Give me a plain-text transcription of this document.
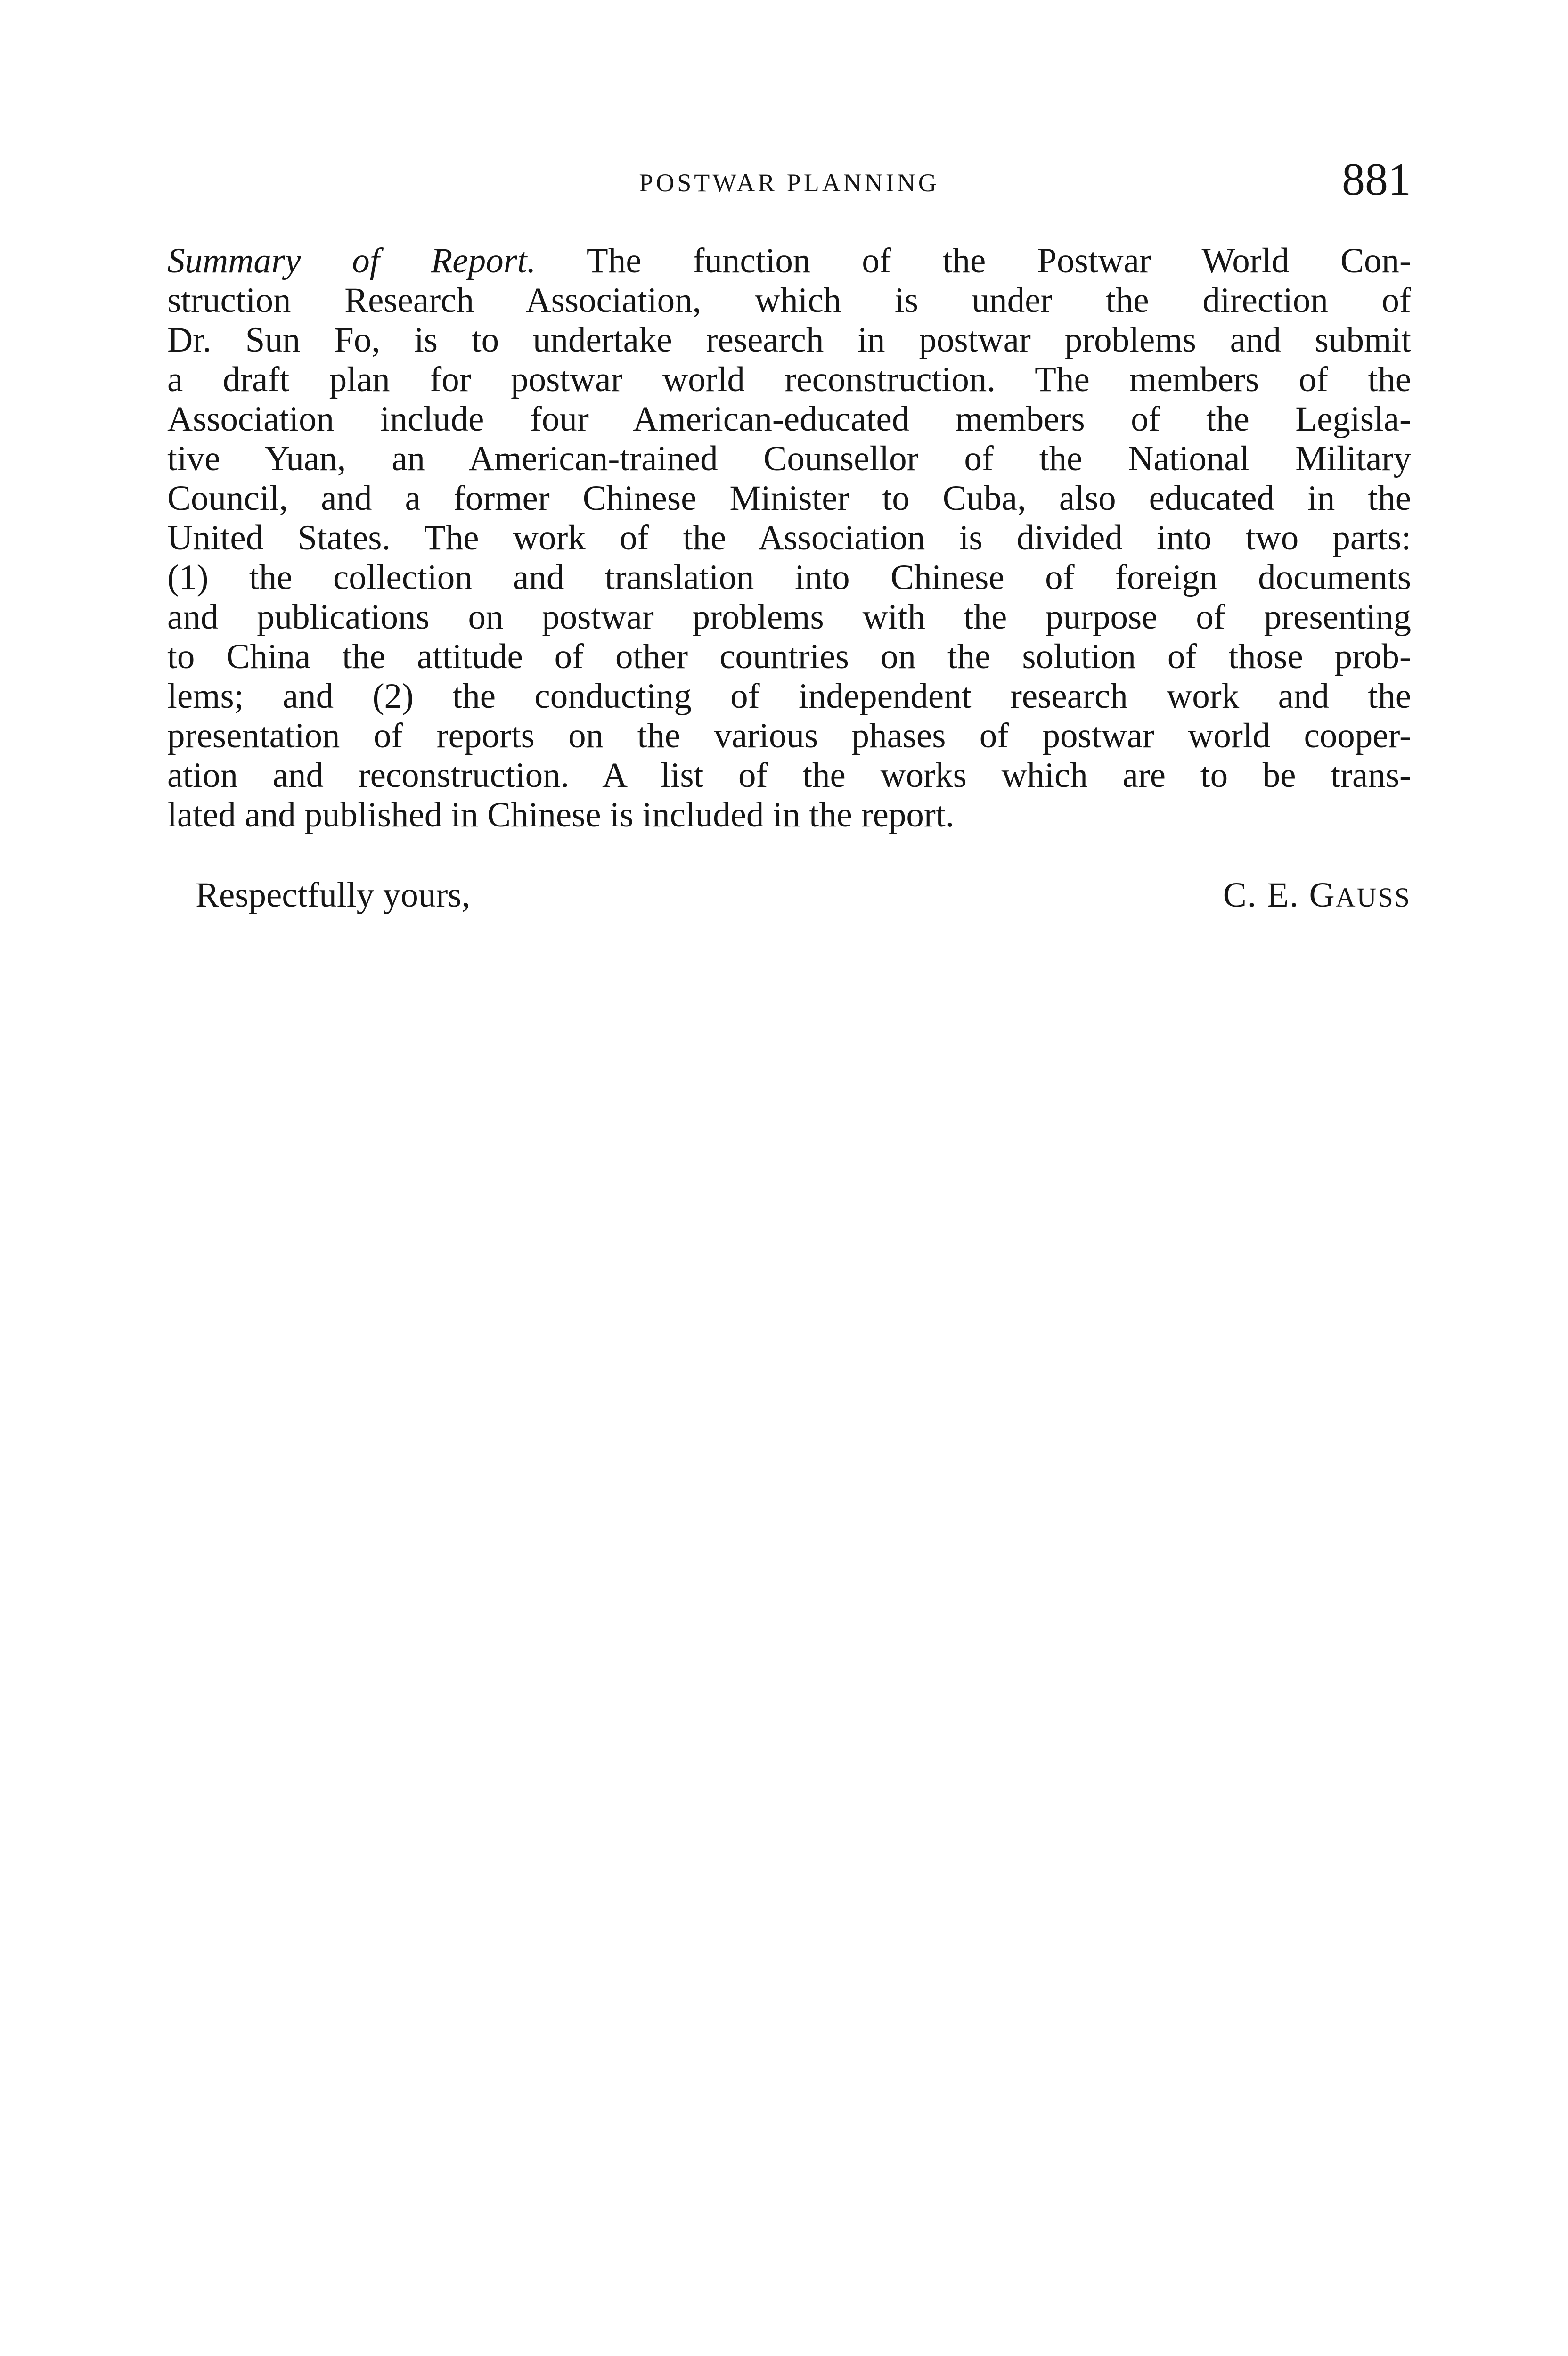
POSTWAR PLANNING	881
Summary of Report. The function of the Postwar World Con-
struction Research Association, which is under the direction of
Dr. Sun Fo, is to undertake research in postwar problems and submit
a draft plan for postwar world reconstruction. The members of the
Association include four American-educated members of the Legisla-
tive Yuan, an American-trained Counsellor of the National Military
Council, and a former Chinese Minister to Cuba, also educated in the
United States. The work of the Association is divided into two parts:
(1) the collection and translation into Chinese of foreign documents
and publications on postwar problems with the purpose of presenting
to China the attitude of other countries on the solution of those prob-
lems; and (2) the conducting of independent research work and the
presentation of reports on the various phases of postwar world cooper-
ation and reconstruction. A list of the works which are to be trans-
lated and published in Chinese is included in the report.
Respectfully yours,	C. E. GAUSS
